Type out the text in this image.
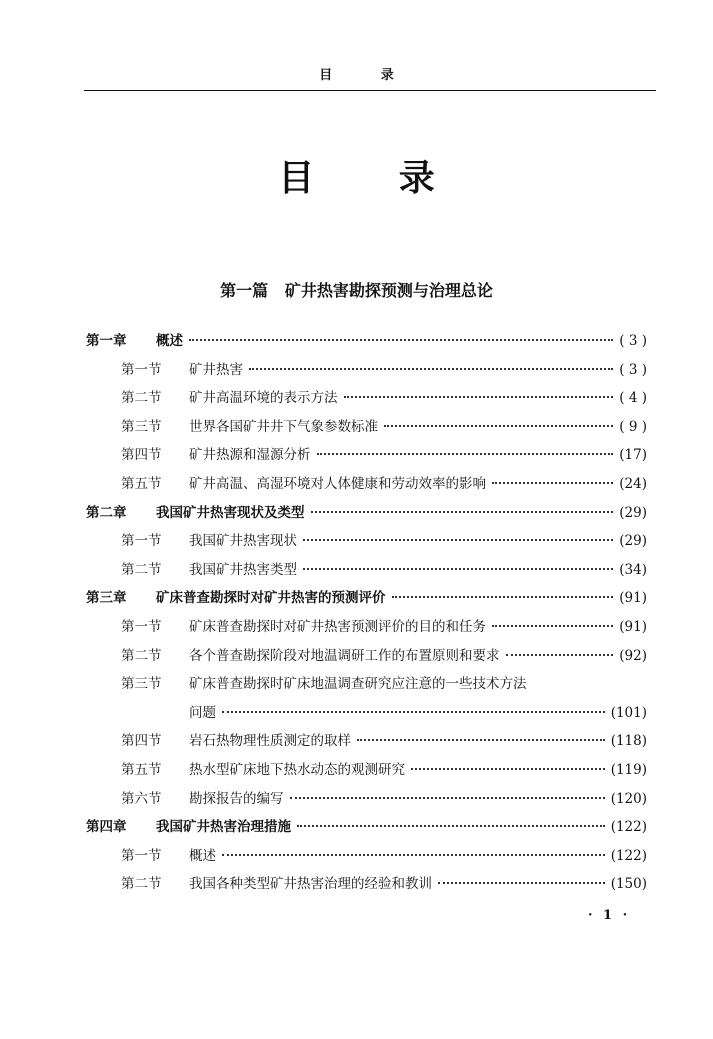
目 录
目 录
第一篇 矿井热害勘探预测与治理总论
第一章	概述	( 3 )
第一节	矿井热害	( 3 )
第二节	矿井高温环境的表示方法	( 4 )
第三节	世界各国矿井井下气象参数标准	( 9 )
第四节	矿井热源和湿源分析	(17)
第五节	矿井高温、高湿环境对人体健康和劳动效率的影响	(24)
第二章	我国矿井热害现状及类型	(29)
第一节	我国矿井热害现状	(29)
第二节	我国矿井热害类型	(34)
第三章	矿床普查勘探时对矿井热害的预测评价	(91)
第一节	矿床普查勘探时对矿井热害预测评价的目的和任务	(91)
第二节	各个普查勘探阶段对地温调研工作的布置原则和要求	(92)
第三节	矿床普查勘探时矿床地温调查研究应注意的一些技术方法
问题	(101)
第四节	岩石热物理性质测定的取样	(118)
第五节	热水型矿床地下热水动态的观测研究	(119)
第六节	勘探报告的编写	(120)
第四章	我国矿井热害治理措施	(122)
第一节	概述	(122)
第二节	我国各种类型矿井热害治理的经验和教训	(150)
· 1 ·
